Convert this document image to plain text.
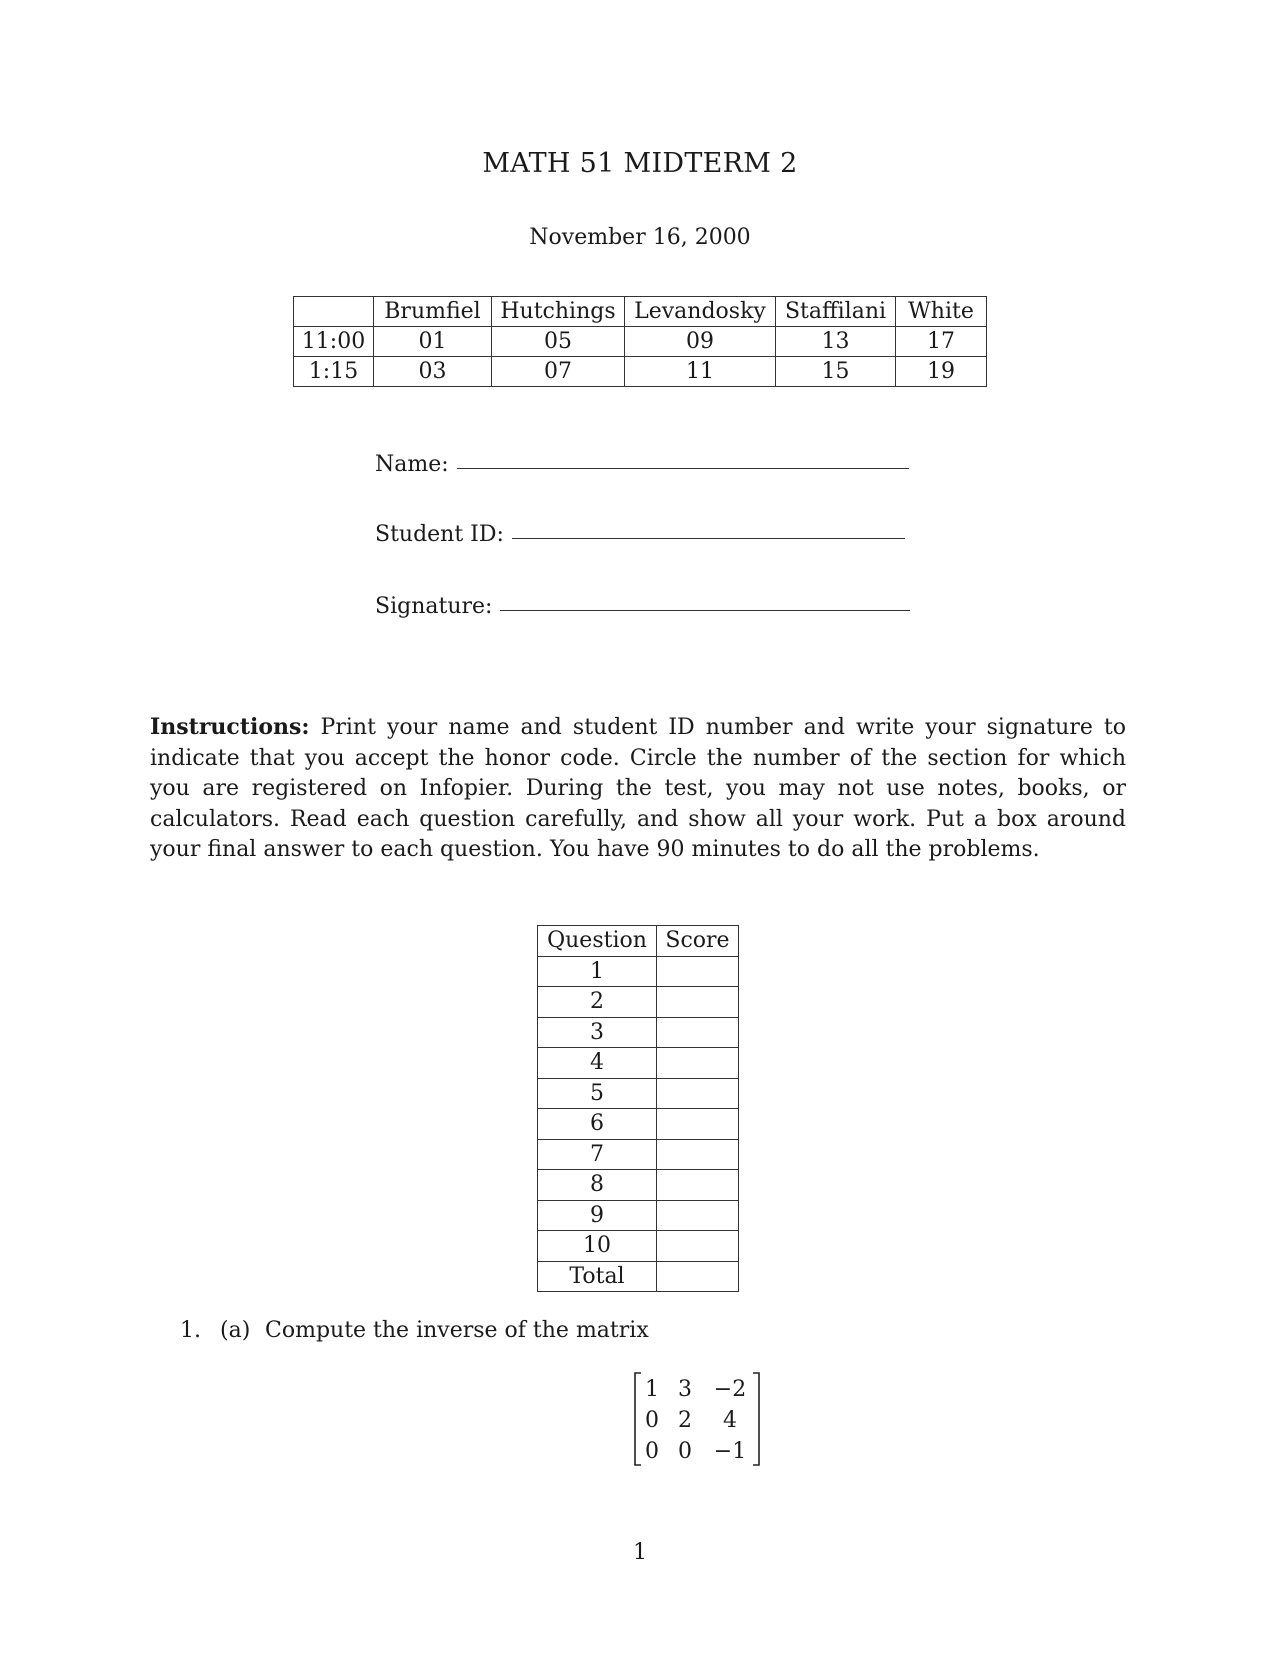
MATH 51 MIDTERM 2
November 16, 2000
	Brumfiel	Hutchings	Levandosky	Staffilani	White
11:00	01	05	09	13	17
1:15	03	07	11	15	19
Name:
Student ID:
Signature:
Instructions: Print your name and student ID number and write your signature to indicate that you accept the honor code. Circle the number of the section for which you are registered on Infopier. During the test, you may not use notes, books, or calculators. Read each question carefully, and show all your work. Put a box around your final answer to each question. You have 90 minutes to do all the problems.
Question	Score
1	
2	
3	
4	
5	
6	
7	
8	
9	
10	
Total	
1. (a) Compute the inverse of the matrix
1 3 −2
0 2 4
0 0 −1
1
